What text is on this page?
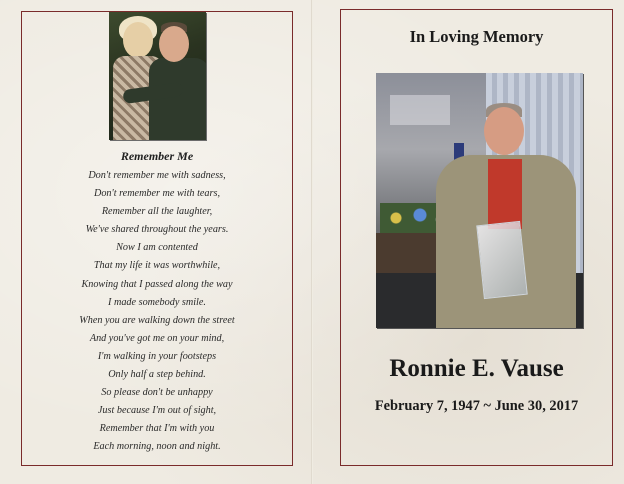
Remember Me
Don't remember me with sadness,
Don't remember me with tears,
Remember all the laughter,
We've shared throughout the years.
Now I am contented
That my life it was worthwhile,
Knowing that I passed along the way
I made somebody smile.
When you are walking down the street
And you've got me on your mind,
I'm walking in your footsteps
Only half a step behind.
So please don't be unhappy
Just because I'm out of sight,
Remember that I'm with you
Each morning, noon and night.
In Loving Memory
Ronnie E. Vause
February 7, 1947 ~ June 30, 2017
